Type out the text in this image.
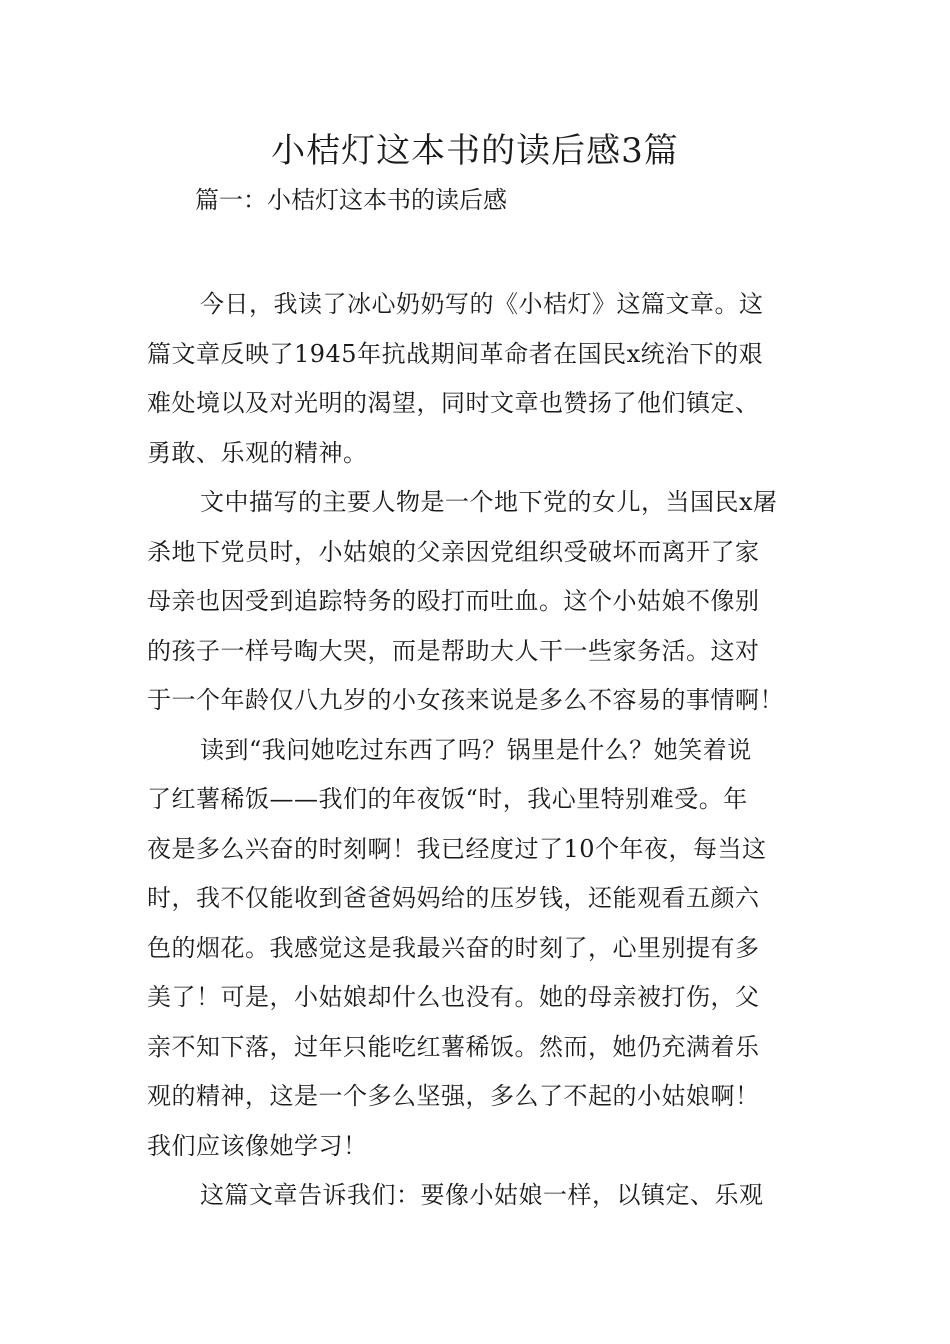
小桔灯这本书的读后感3篇
篇一：小桔灯这本书的读后感

今日，我读了冰心奶奶写的《小桔灯》这篇文章。这
篇文章反映了1945年抗战期间革命者在国民x统治下的艰
难处境以及对光明的渴望，同时文章也赞扬了他们镇定、
勇敢、乐观的精神。

文中描写的主要人物是一个地下党的女儿，当国民x屠
杀地下党员时，小姑娘的父亲因党组织受破坏而离开了家
母亲也因受到追踪特务的殴打而吐血。这个小姑娘不像别
的孩子一样号啕大哭，而是帮助大人干一些家务活。这对
于一个年龄仅八九岁的小女孩来说是多么不容易的事情啊！

读到“我问她吃过东西了吗？锅里是什么？她笑着说
了红薯稀饭——我们的年夜饭“时，我心里特别难受。年
夜是多么兴奋的时刻啊！我已经度过了10个年夜，每当这
时，我不仅能收到爸爸妈妈给的压岁钱，还能观看五颜六
色的烟花。我感觉这是我最兴奋的时刻了，心里别提有多
美了！可是，小姑娘却什么也没有。她的母亲被打伤，父
亲不知下落，过年只能吃红薯稀饭。然而，她仍充满着乐
观的精神，这是一个多么坚强，多么了不起的小姑娘啊！
我们应该像她学习！

这篇文章告诉我们：要像小姑娘一样，以镇定、乐观
